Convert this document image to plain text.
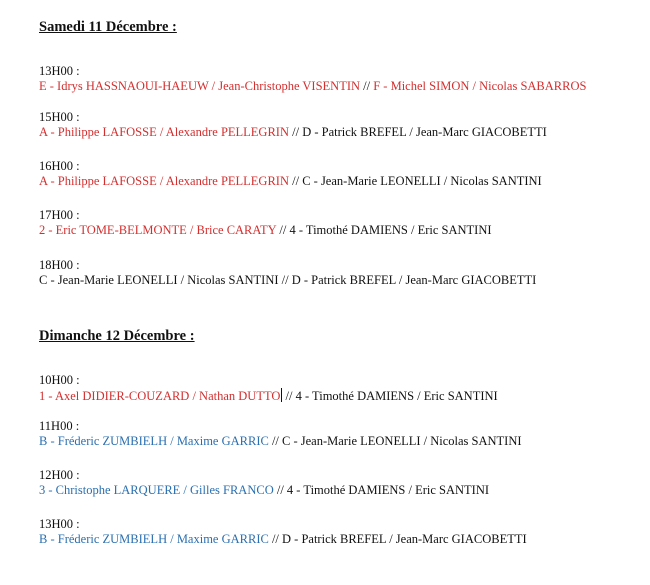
Samedi 11 Décembre :
13H00 :
E - Idrys HASSNAOUI-HAEUW / Jean-Christophe VISENTIN // F - Michel SIMON / Nicolas SABARROS
15H00 :
A - Philippe LAFOSSE / Alexandre PELLEGRIN // D - Patrick BREFEL / Jean-Marc GIACOBETTI
16H00 :
A - Philippe LAFOSSE / Alexandre PELLEGRIN // C - Jean-Marie LEONELLI / Nicolas SANTINI
17H00 :
2 - Eric TOME-BELMONTE / Brice CARATY // 4 - Timothé DAMIENS / Eric SANTINI
18H00 :
C - Jean-Marie LEONELLI / Nicolas SANTINI // D - Patrick BREFEL / Jean-Marc GIACOBETTI
Dimanche 12 Décembre :
10H00 :
1 - Axel DIDIER-COUZARD / Nathan DUTTO // 4 - Timothé DAMIENS / Eric SANTINI
11H00 :
B - Fréderic ZUMBIELH / Maxime GARRIC // C - Jean-Marie LEONELLI / Nicolas SANTINI
12H00 :
3 - Christophe LARQUERE / Gilles FRANCO // 4 - Timothé DAMIENS / Eric SANTINI
13H00 :
B - Fréderic ZUMBIELH / Maxime GARRIC // D - Patrick BREFEL / Jean-Marc GIACOBETTI
